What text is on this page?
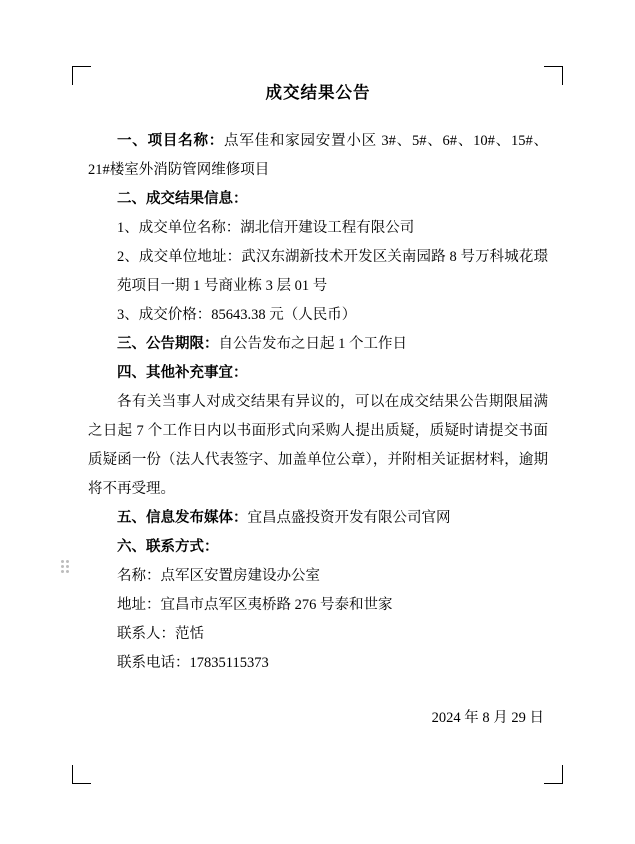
成交结果公告

一、项目名称：点军佳和家园安置小区 3#、5#、6#、10#、15#、21#楼室外消防管网维修项目

二、成交结果信息：

1、成交单位名称：湖北信开建设工程有限公司

2、成交单位地址：武汉东湖新技术开发区关南园路 8 号万科城花璟苑项目一期 1 号商业栋 3 层 01 号

3、成交价格：85643.38 元（人民币）

三、公告期限：自公告发布之日起 1 个工作日

四、其他补充事宜：

各有关当事人对成交结果有异议的，可以在成交结果公告期限届满之日起 7 个工作日内以书面形式向采购人提出质疑，质疑时请提交书面质疑函一份（法人代表签字、加盖单位公章），并附相关证据材料，逾期将不再受理。

五、信息发布媒体：宜昌点盛投资开发有限公司官网

六、联系方式：

名称：点军区安置房建设办公室

地址：宜昌市点军区夷桥路 276 号泰和世家

联系人：范恬

联系电话：17835115373

2024 年 8 月 29 日
